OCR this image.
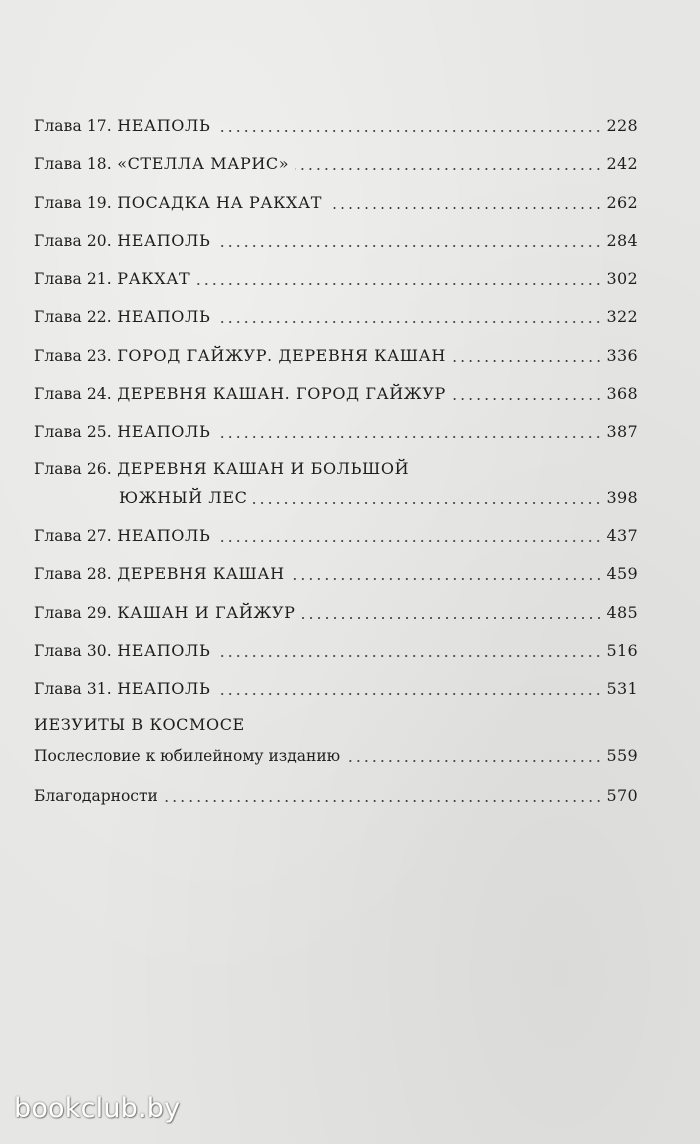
Глава 17. НЕАПОЛЬ	228
Глава 18. «СТЕЛЛА МАРИС»	242
Глава 19. ПОСАДКА НА РАКХАТ	262
Глава 20. НЕАПОЛЬ	284
Глава 21. РАКХАТ	302
Глава 22. НЕАПОЛЬ	322
Глава 23. ГОРОД ГАЙЖУР. ДЕРЕВНЯ КАШАН	336
Глава 24. ДЕРЕВНЯ КАШАН. ГОРОД ГАЙЖУР	368
Глава 25. НЕАПОЛЬ	387
Глава 26. ДЕРЕВНЯ КАШАН И БОЛЬШОЙ
ЮЖНЫЙ ЛЕС	398
Глава 27. НЕАПОЛЬ	437
Глава 28. ДЕРЕВНЯ КАШАН	459
Глава 29. КАШАН И ГАЙЖУР	485
Глава 30. НЕАПОЛЬ	516
Глава 31. НЕАПОЛЬ	531
ИЕЗУИТЫ В КОСМОСЕ
Послесловие к юбилейному изданию	559
Благодарности	570
bookclub.by
